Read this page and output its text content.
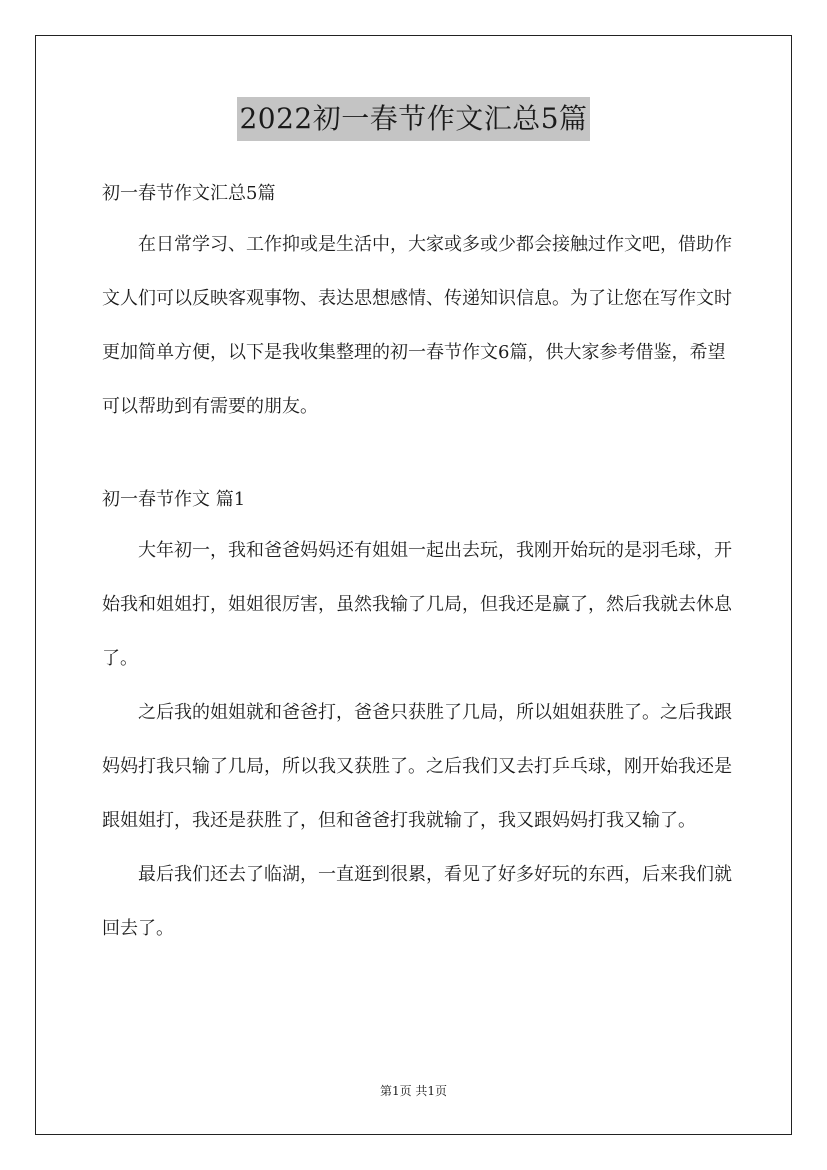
2022初一春节作文汇总5篇

初一春节作文汇总5篇

在日常学习、工作抑或是生活中，大家或多或少都会接触过作文吧，借助作文人们可以反映客观事物、表达思想感情、传递知识信息。为了让您在写作文时更加简单方便，以下是我收集整理的初一春节作文6篇，供大家参考借鉴，希望可以帮助到有需要的朋友。

初一春节作文 篇1

大年初一，我和爸爸妈妈还有姐姐一起出去玩，我刚开始玩的是羽毛球，开始我和姐姐打，姐姐很厉害，虽然我输了几局，但我还是赢了，然后我就去休息了。

之后我的姐姐就和爸爸打，爸爸只获胜了几局，所以姐姐获胜了。之后我跟妈妈打我只输了几局，所以我又获胜了。之后我们又去打乒乓球，刚开始我还是跟姐姐打，我还是获胜了，但和爸爸打我就输了，我又跟妈妈打我又输了。

最后我们还去了临湖，一直逛到很累，看见了好多好玩的东西，后来我们就回去了。

第1页 共1页
